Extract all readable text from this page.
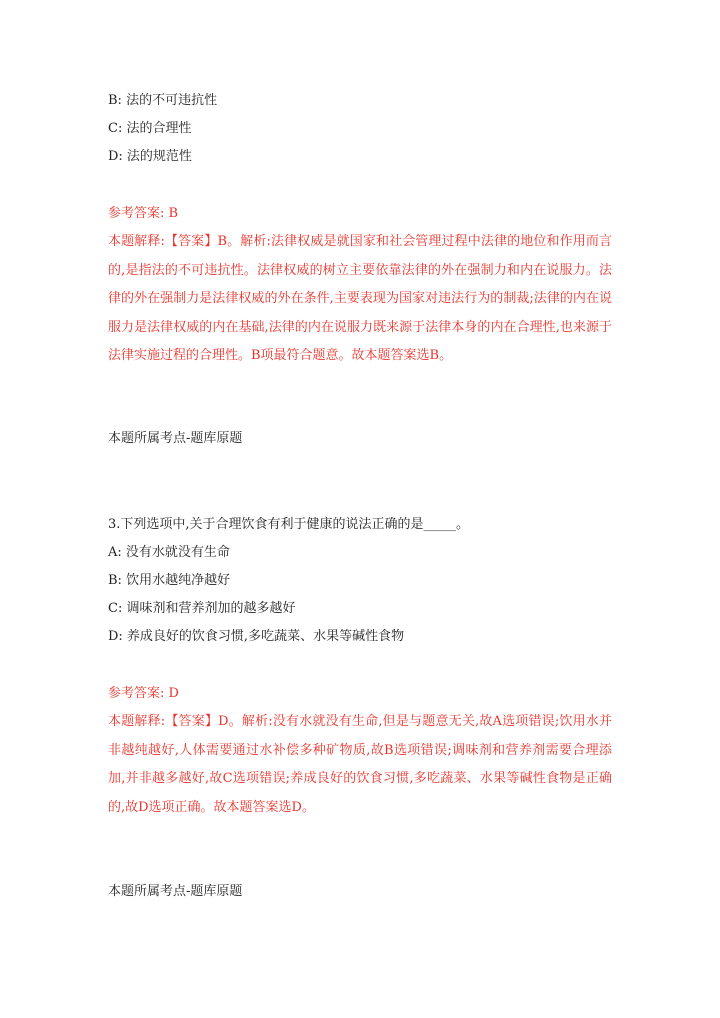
B: 法的不可违抗性
C: 法的合理性
D: 法的规范性
参考答案: B
本题解释:【答案】B。解析:法律权威是就国家和社会管理过程中法律的地位和作用而言的,是指法的不可违抗性。法律权威的树立主要依靠法律的外在强制力和内在说服力。法律的外在强制力是法律权威的外在条件,主要表现为国家对违法行为的制裁;法律的内在说服力是法律权威的内在基础,法律的内在说服力既来源于法律本身的内在合理性,也来源于法律实施过程的合理性。B项最符合题意。故本题答案选B。
本题所属考点-题库原题
3.下列选项中,关于合理饮食有利于健康的说法正确的是_____。
A: 没有水就没有生命
B: 饮用水越纯净越好
C: 调味剂和营养剂加的越多越好
D: 养成良好的饮食习惯,多吃蔬菜、水果等碱性食物
参考答案: D
本题解释:【答案】D。解析:没有水就没有生命,但是与题意无关,故A选项错误;饮用水并非越纯越好,人体需要通过水补偿多种矿物质,故B选项错误;调味剂和营养剂需要合理添加,并非越多越好,故C选项错误;养成良好的饮食习惯,多吃蔬菜、水果等碱性食物是正确的,故D选项正确。故本题答案选D。
本题所属考点-题库原题
